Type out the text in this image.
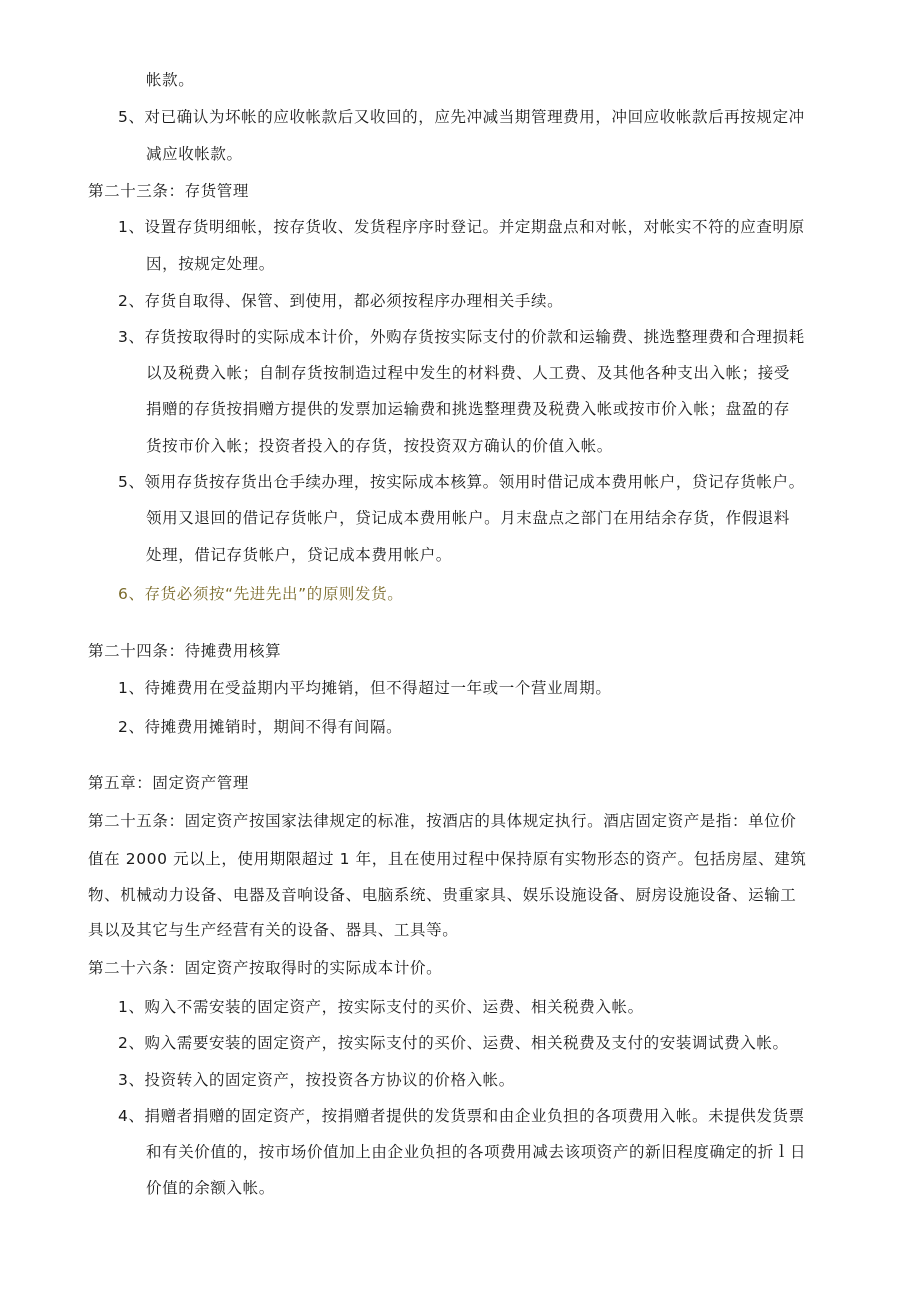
帐款。
5、对已确认为坏帐的应收帐款后又收回的，应先冲减当期管理费用，冲回应收帐款后再按规定冲
减应收帐款。
第二十三条：存货管理
1、设置存货明细帐，按存货收、发货程序序时登记。并定期盘点和对帐，对帐实不符的应查明原
因，按规定处理。
2、存货自取得、保管、到使用，都必须按程序办理相关手续。
3、存货按取得时的实际成本计价，外购存货按实际支付的价款和运输费、挑选整理费和合理损耗
以及税费入帐；自制存货按制造过程中发生的材料费、人工费、及其他各种支出入帐；接受
捐赠的存货按捐赠方提供的发票加运输费和挑选整理费及税费入帐或按市价入帐；盘盈的存
货按市价入帐；投资者投入的存货，按投资双方确认的价值入帐。
5、领用存货按存货出仓手续办理，按实际成本核算。领用时借记成本费用帐户，贷记存货帐户。
领用又退回的借记存货帐户，贷记成本费用帐户。月末盘点之部门在用结余存货，作假退料
处理，借记存货帐户，贷记成本费用帐户。
6、存货必须按“先进先出”的原则发货。
第二十四条：待摊费用核算
1、待摊费用在受益期内平均摊销，但不得超过一年或一个营业周期。
2、待摊费用摊销时，期间不得有间隔。
第五章：固定资产管理
第二十五条：固定资产按国家法律规定的标准，按酒店的具体规定执行。酒店固定资产是指：单位价
值在 2000 元以上，使用期限超过 1 年，且在使用过程中保持原有实物形态的资产。包括房屋、建筑
物、机械动力设备、电器及音响设备、电脑系统、贵重家具、娱乐设施设备、厨房设施设备、运输工
具以及其它与生产经营有关的设备、器具、工具等。
第二十六条：固定资产按取得时的实际成本计价。
1、购入不需安装的固定资产，按实际支付的买价、运费、相关税费入帐。
2、购入需要安装的固定资产，按实际支付的买价、运费、相关税费及支付的安装调试费入帐。
3、投资转入的固定资产，按投资各方协议的价格入帐。
4、捐赠者捐赠的固定资产，按捐赠者提供的发货票和由企业负担的各项费用入帐。未提供发货票
和有关价值的，按市场价值加上由企业负担的各项费用减去该项资产的新旧程度确定的折ｌ日
价值的余额入帐。
